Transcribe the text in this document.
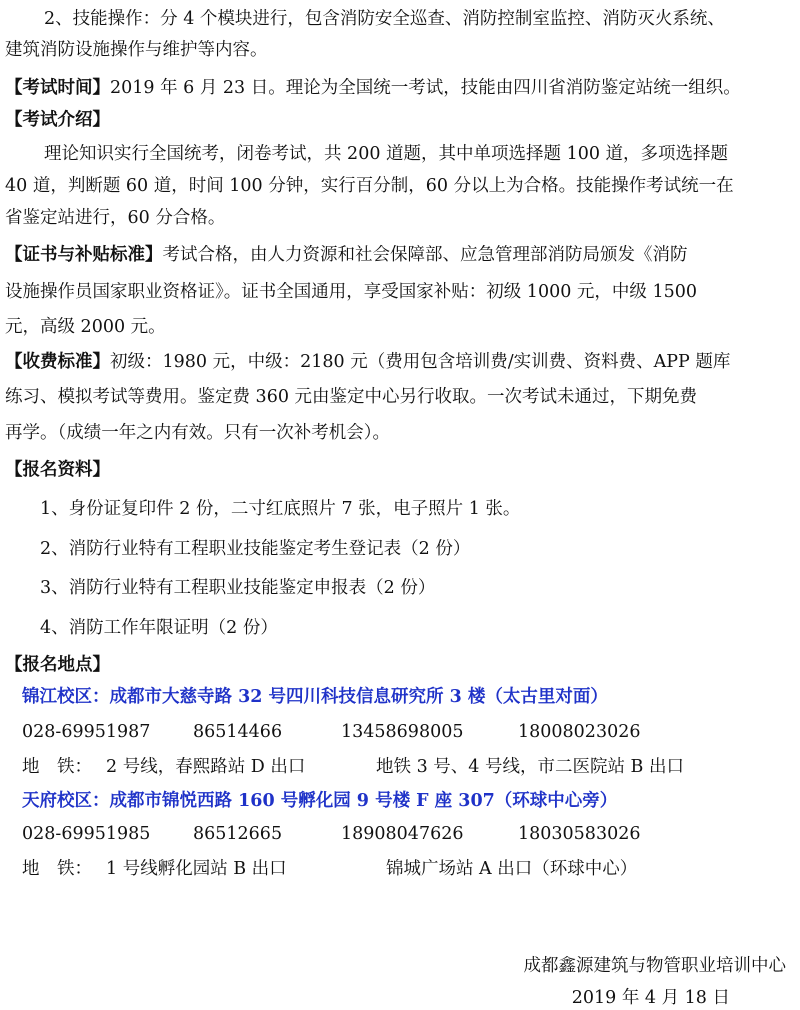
2、技能操作：分 4 个模块进行，包含消防安全巡查、消防控制室监控、消防灭火系统、
建筑消防设施操作与维护等内容。
【考试时间】2019 年 6 月 23 日。理论为全国统一考试，技能由四川省消防鉴定站统一组织。
【考试介绍】
理论知识实行全国统考，闭卷考试，共 200 道题，其中单项选择题 100 道，多项选择题
40 道，判断题 60 道，时间 100 分钟，实行百分制，60 分以上为合格。技能操作考试统一在
省鉴定站进行，60 分合格。
【证书与补贴标准】考试合格，由人力资源和社会保障部、应急管理部消防局颁发《消防
设施操作员国家职业资格证》。证书全国通用，享受国家补贴：初级 1000 元，中级 1500
元，高级 2000 元。
【收费标准】初级：1980 元，中级：2180 元（费用包含培训费/实训费、资料费、APP 题库
练习、模拟考试等费用。鉴定费 360 元由鉴定中心另行收取。一次考试未通过，下期免费
再学。（成绩一年之内有效。只有一次补考机会）。
【报名资料】
1、身份证复印件 2 份，二寸红底照片 7 张，电子照片 1 张。
2、消防行业特有工程职业技能鉴定考生登记表（2 份）
3、消防行业特有工程职业技能鉴定申报表（2 份）
4、消防工作年限证明（2 份）
【报名地点】
锦江校区：成都市大慈寺路 32 号四川科技信息研究所 3 楼（太古里对面）
028-69951987 86514466	13458698005	18008023026
地　铁： 2 号线，春熙路站 D 出口	地铁 3 号、4 号线，市二医院站 B 出口
天府校区：成都市锦悦西路 160 号孵化园 9 号楼 F 座 307（环球中心旁）
028-69951985 86512665	18908047626	18030583026
地　铁： 1 号线孵化园站 B 出口	锦城广场站 A 出口（环球中心）
成都鑫源建筑与物管职业培训中心
2019 年 4 月 18 日
